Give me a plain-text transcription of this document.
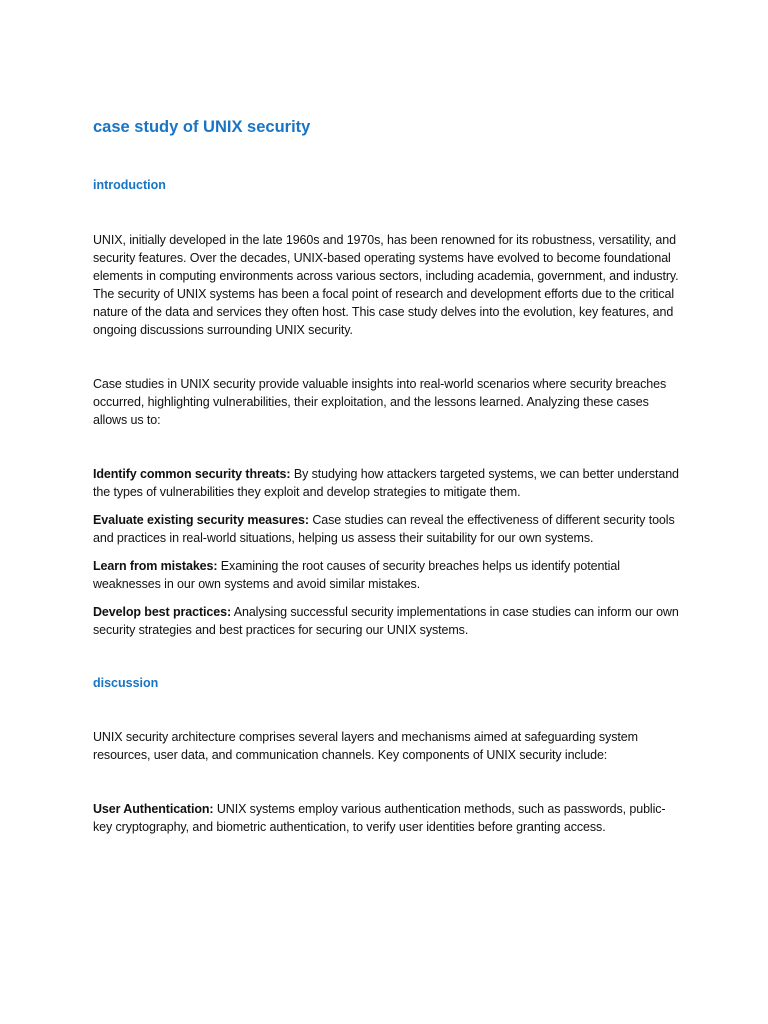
case study of UNIX security
introduction

UNIX, initially developed in the late 1960s and 1970s, has been renowned for its robustness, versatility, and security features. Over the decades, UNIX-based operating systems have evolved to become foundational elements in computing environments across various sectors, including academia, government, and industry. The security of UNIX systems has been a focal point of research and development efforts due to the critical nature of the data and services they often host. This case study delves into the evolution, key features, and ongoing discussions surrounding UNIX security.

Case studies in UNIX security provide valuable insights into real-world scenarios where security breaches occurred, highlighting vulnerabilities, their exploitation, and the lessons learned. Analyzing these cases allows us to:

Identify common security threats: By studying how attackers targeted systems, we can better understand the types of vulnerabilities they exploit and develop strategies to mitigate them.

Evaluate existing security measures: Case studies can reveal the effectiveness of different security tools and practices in real-world situations, helping us assess their suitability for our own systems.

Learn from mistakes: Examining the root causes of security breaches helps us identify potential weaknesses in our own systems and avoid similar mistakes.

Develop best practices: Analysing successful security implementations in case studies can inform our own security strategies and best practices for securing our UNIX systems.

discussion

UNIX security architecture comprises several layers and mechanisms aimed at safeguarding system resources, user data, and communication channels. Key components of UNIX security include:

User Authentication: UNIX systems employ various authentication methods, such as passwords, public-key cryptography, and biometric authentication, to verify user identities before granting access.
